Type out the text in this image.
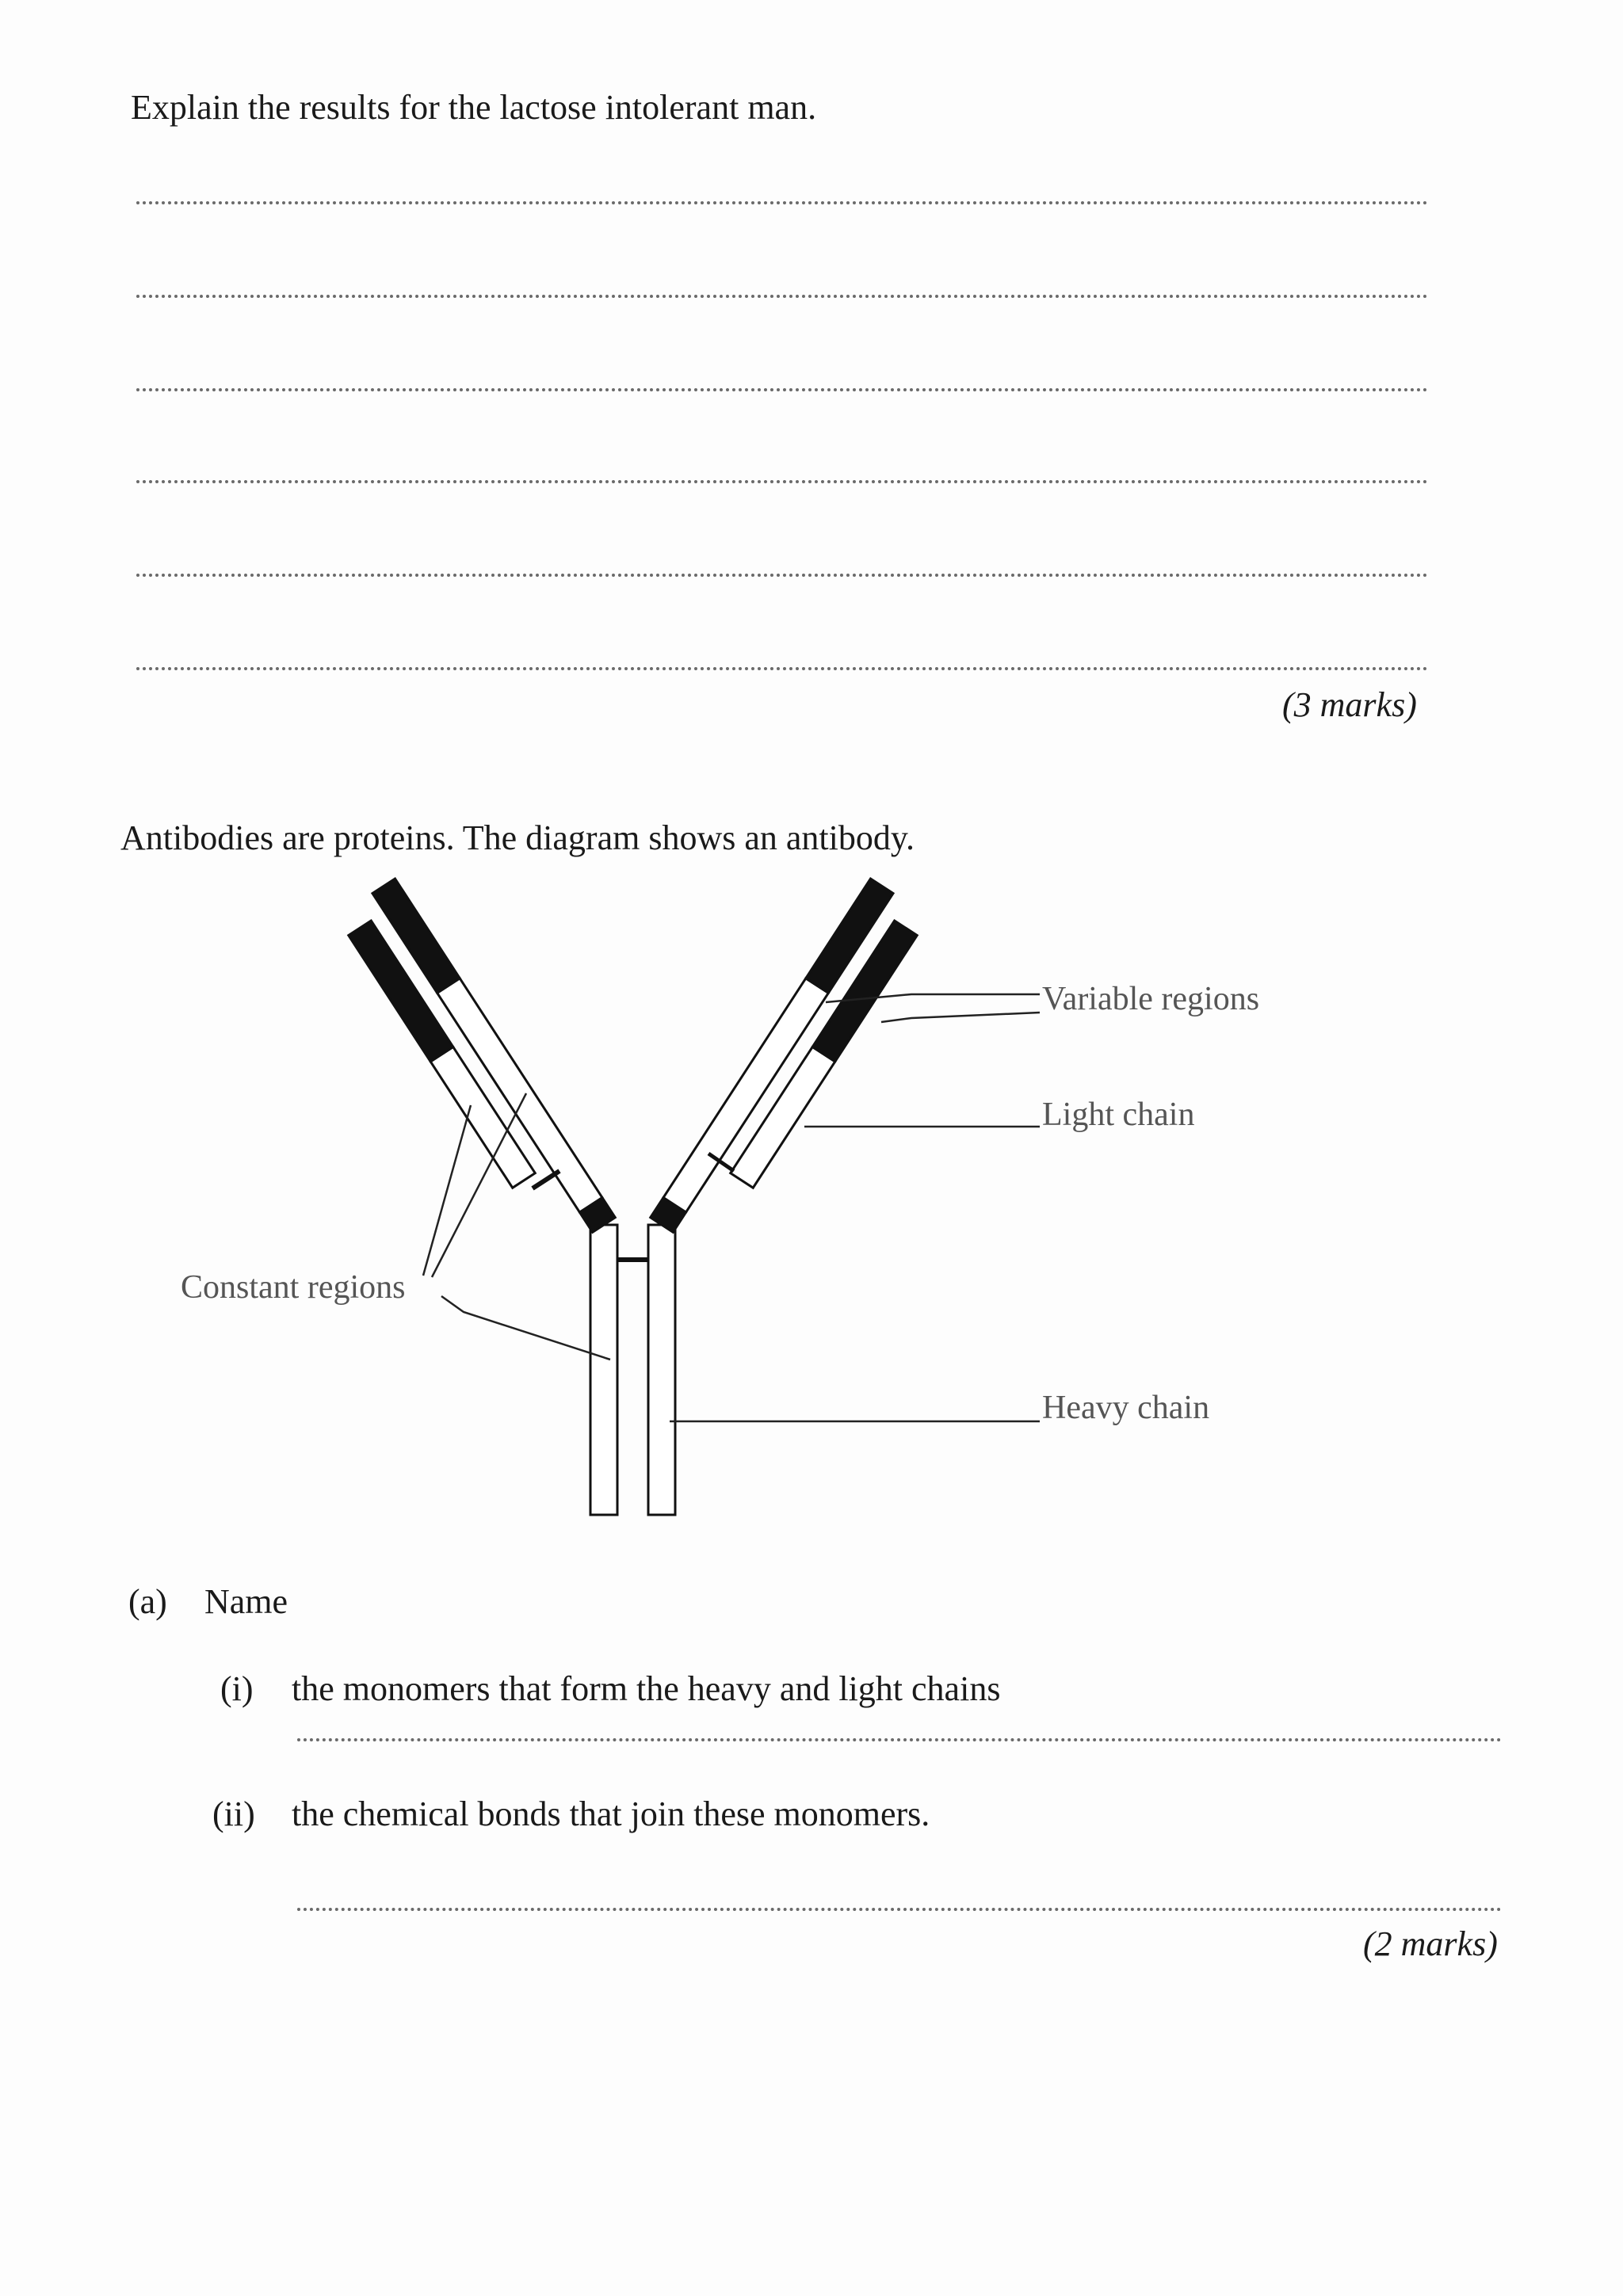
Explain the results for the lactose intolerant man.
(3 marks)
Antibodies are proteins. The diagram shows an antibody.
Variable regions
Light chain
Constant regions
Heavy chain
(a) Name
(i) the monomers that form the heavy and light chains
(ii) the chemical bonds that join these monomers.
(2 marks)
